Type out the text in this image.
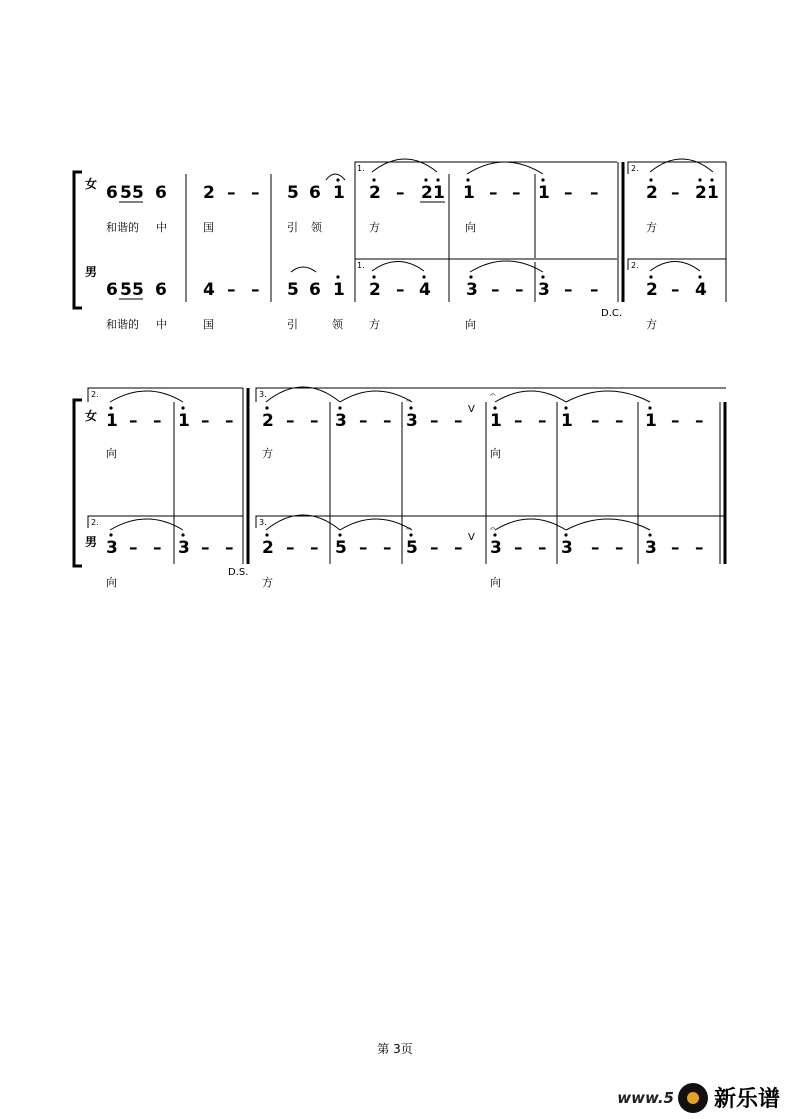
女
男
1.
1.
2.
2.
6 5 5 6 2 – – 5 6 1 2 – 2 1 1 – – 1 – –	2 – 2 1
和谐的 中	国	引 领	方	向	方
6 5 5 6 4 – – 5 6 1 2 – 4 3 – – 3 – –	2 – 4
和谐的 中	国	引	领 方	向	方
D.C.
女
男
2.
2.
3.
3.
1 – – 1 – – 2 – – 3 – – 3 – – 1 – – 1 – – 1 – –
𝄐
𝄐
V
向	方	向
3 – – 3 – – 2 – – 5 – – 5 – – 3 – – 3 – – 3 – –
𝄐	𝄐
V
向	方	向
D.S.
第 3页
www.5 新乐谱
